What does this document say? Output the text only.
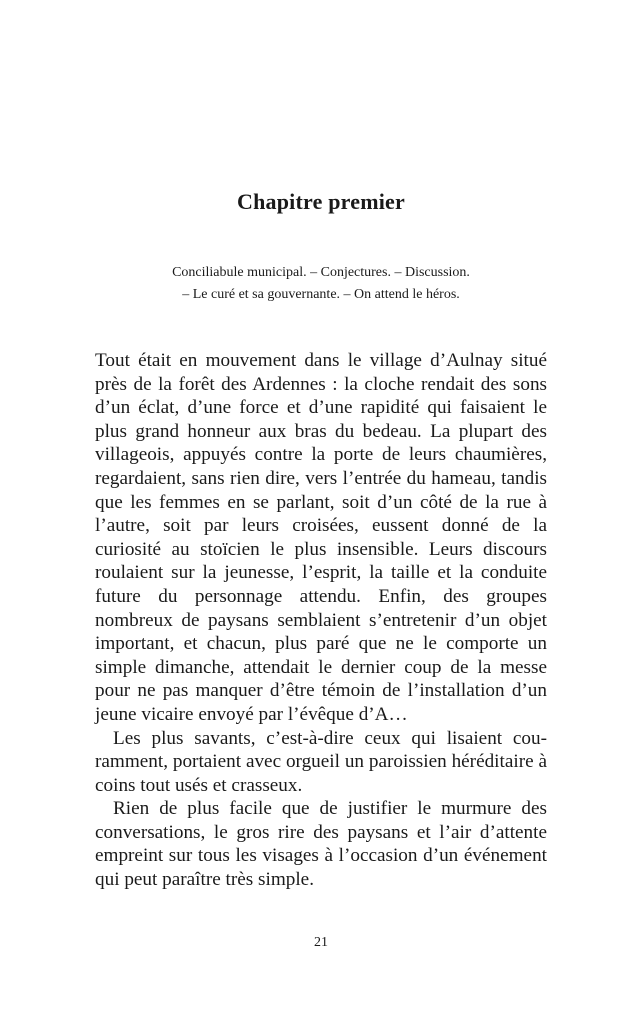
Chapitre premier
Conciliabule municipal. – Conjectures. – Discussion.
– Le curé et sa gouvernante. – On attend le héros.

Tout était en mouvement dans le village d’Aulnay situé près de la forêt des Ardennes : la cloche rendait des sons d’un éclat, d’une force et d’une rapidité qui faisaient le plus grand honneur aux bras du bedeau. La plupart des villageois, appuyés contre la porte de leurs chaumières, regardaient, sans rien dire, vers l’entrée du hameau, tandis que les femmes en se parlant, soit d’un côté de la rue à l’autre, soit par leurs croisées, eussent donné de la curiosité au stoïcien le plus insensible. Leurs discours roulaient sur la jeunesse, l’esprit, la taille et la conduite future du personnage attendu. Enfin, des groupes nombreux de paysans semblaient s’entretenir d’un objet important, et chacun, plus paré que ne le comporte un simple dimanche, attendait le dernier coup de la messe pour ne pas manquer d’être témoin de l’installation d’un jeune vicaire envoyé par l’évêque d’A…

Les plus savants, c’est-à-dire ceux qui lisaient couramment, portaient avec orgueil un paroissien héréditaire à coins tout usés et crasseux.

Rien de plus facile que de justifier le murmure des conversations, le gros rire des paysans et l’air d’attente empreint sur tous les visages à l’occasion d’un événement qui peut paraître très simple.

21
